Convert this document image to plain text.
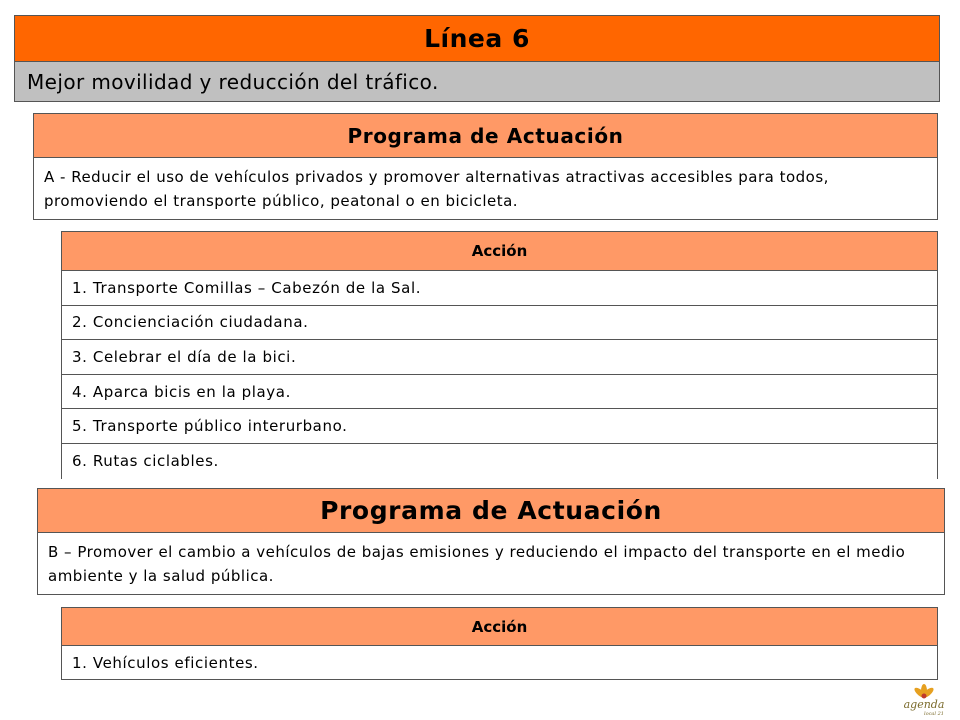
Línea 6
Mejor movilidad y reducción del tráfico.
Programa de Actuación
A - Reducir el uso de vehículos privados y promover alternativas atractivas accesibles para todos, promoviendo el transporte público, peatonal o en bicicleta.
Acción
1. Transporte Comillas – Cabezón de la Sal.
2. Concienciación ciudadana.
3. Celebrar el día de la bici.
4. Aparca bicis en la playa.
5. Transporte público interurbano.
6. Rutas ciclables.
Programa de Actuación
B – Promover el cambio a vehículos de bajas emisiones y reduciendo el impacto del transporte en el medio ambiente y la salud pública.
Acción
1. Vehículos eficientes.
agenda
local 21
